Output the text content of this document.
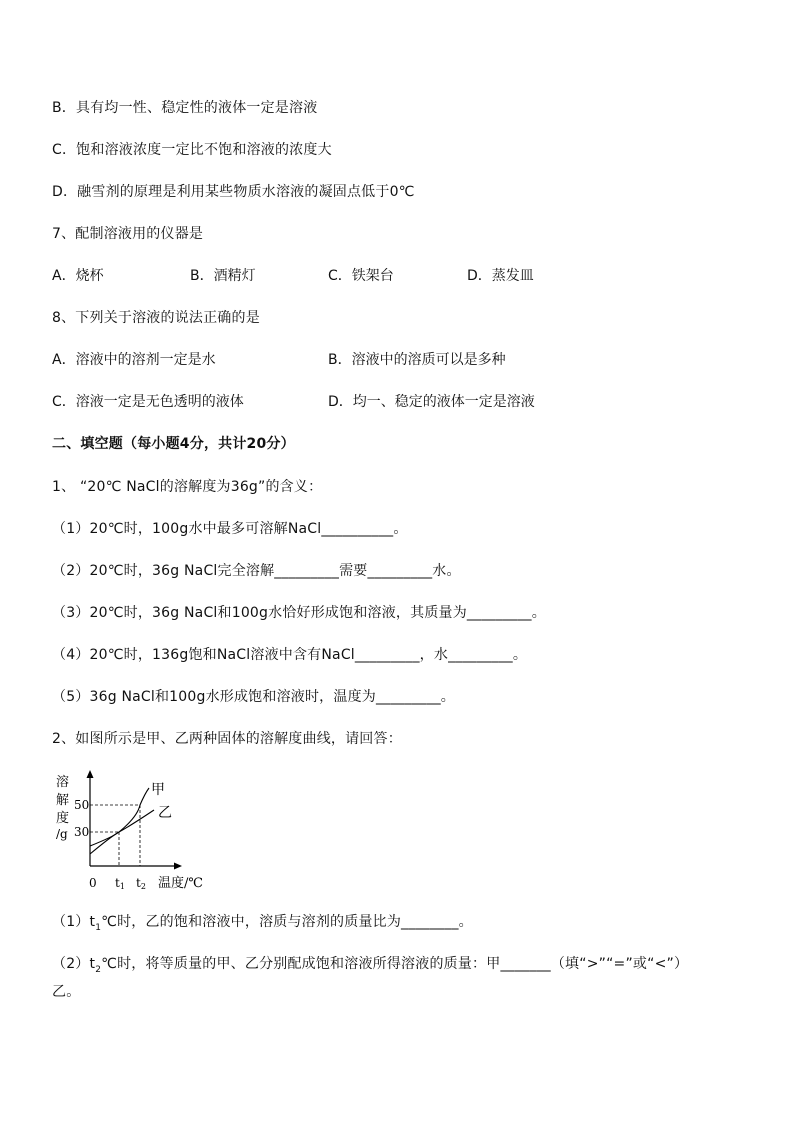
B．具有均一性、稳定性的液体一定是溶液
C．饱和溶液浓度一定比不饱和溶液的浓度大
D．融雪剂的原理是利用某些物质水溶液的凝固点低于0℃
7、配制溶液用的仪器是
A．烧杯	B．酒精灯	C．铁架台	D．蒸发皿
8、下列关于溶液的说法正确的是
A．溶液中的溶剂一定是水	B．溶液中的溶质可以是多种
C．溶液一定是无色透明的液体	D．均一、稳定的液体一定是溶液
二、填空题（每小题4分，共计20分）
1、 “20℃ NaCl的溶解度为36g”的含义：
（1）20℃时，100g水中最多可溶解NaCl__________。
（2）20℃时，36g NaCl完全溶解_________需要_________水。
（3）20℃时，36g NaCl和100g水恰好形成饱和溶液，其质量为_________。
（4）20℃时，136g饱和NaCl溶液中含有NaCl_________，水_________。
（5）36g NaCl和100g水形成饱和溶液时，温度为_________。
2、如图所示是甲、乙两种固体的溶解度曲线，请回答：
溶
解
度
/g
甲
乙
50
30
0 t1 t2 温度/℃
$(1)t_1℃$时，乙的饱和溶液中，溶质与溶剂的质量比为________。
$(2)t_2℃$时，将等质量的甲、乙分别配成饱和溶液所得溶液的质量：甲_______（填“>”“=”或“<”）
乙。
